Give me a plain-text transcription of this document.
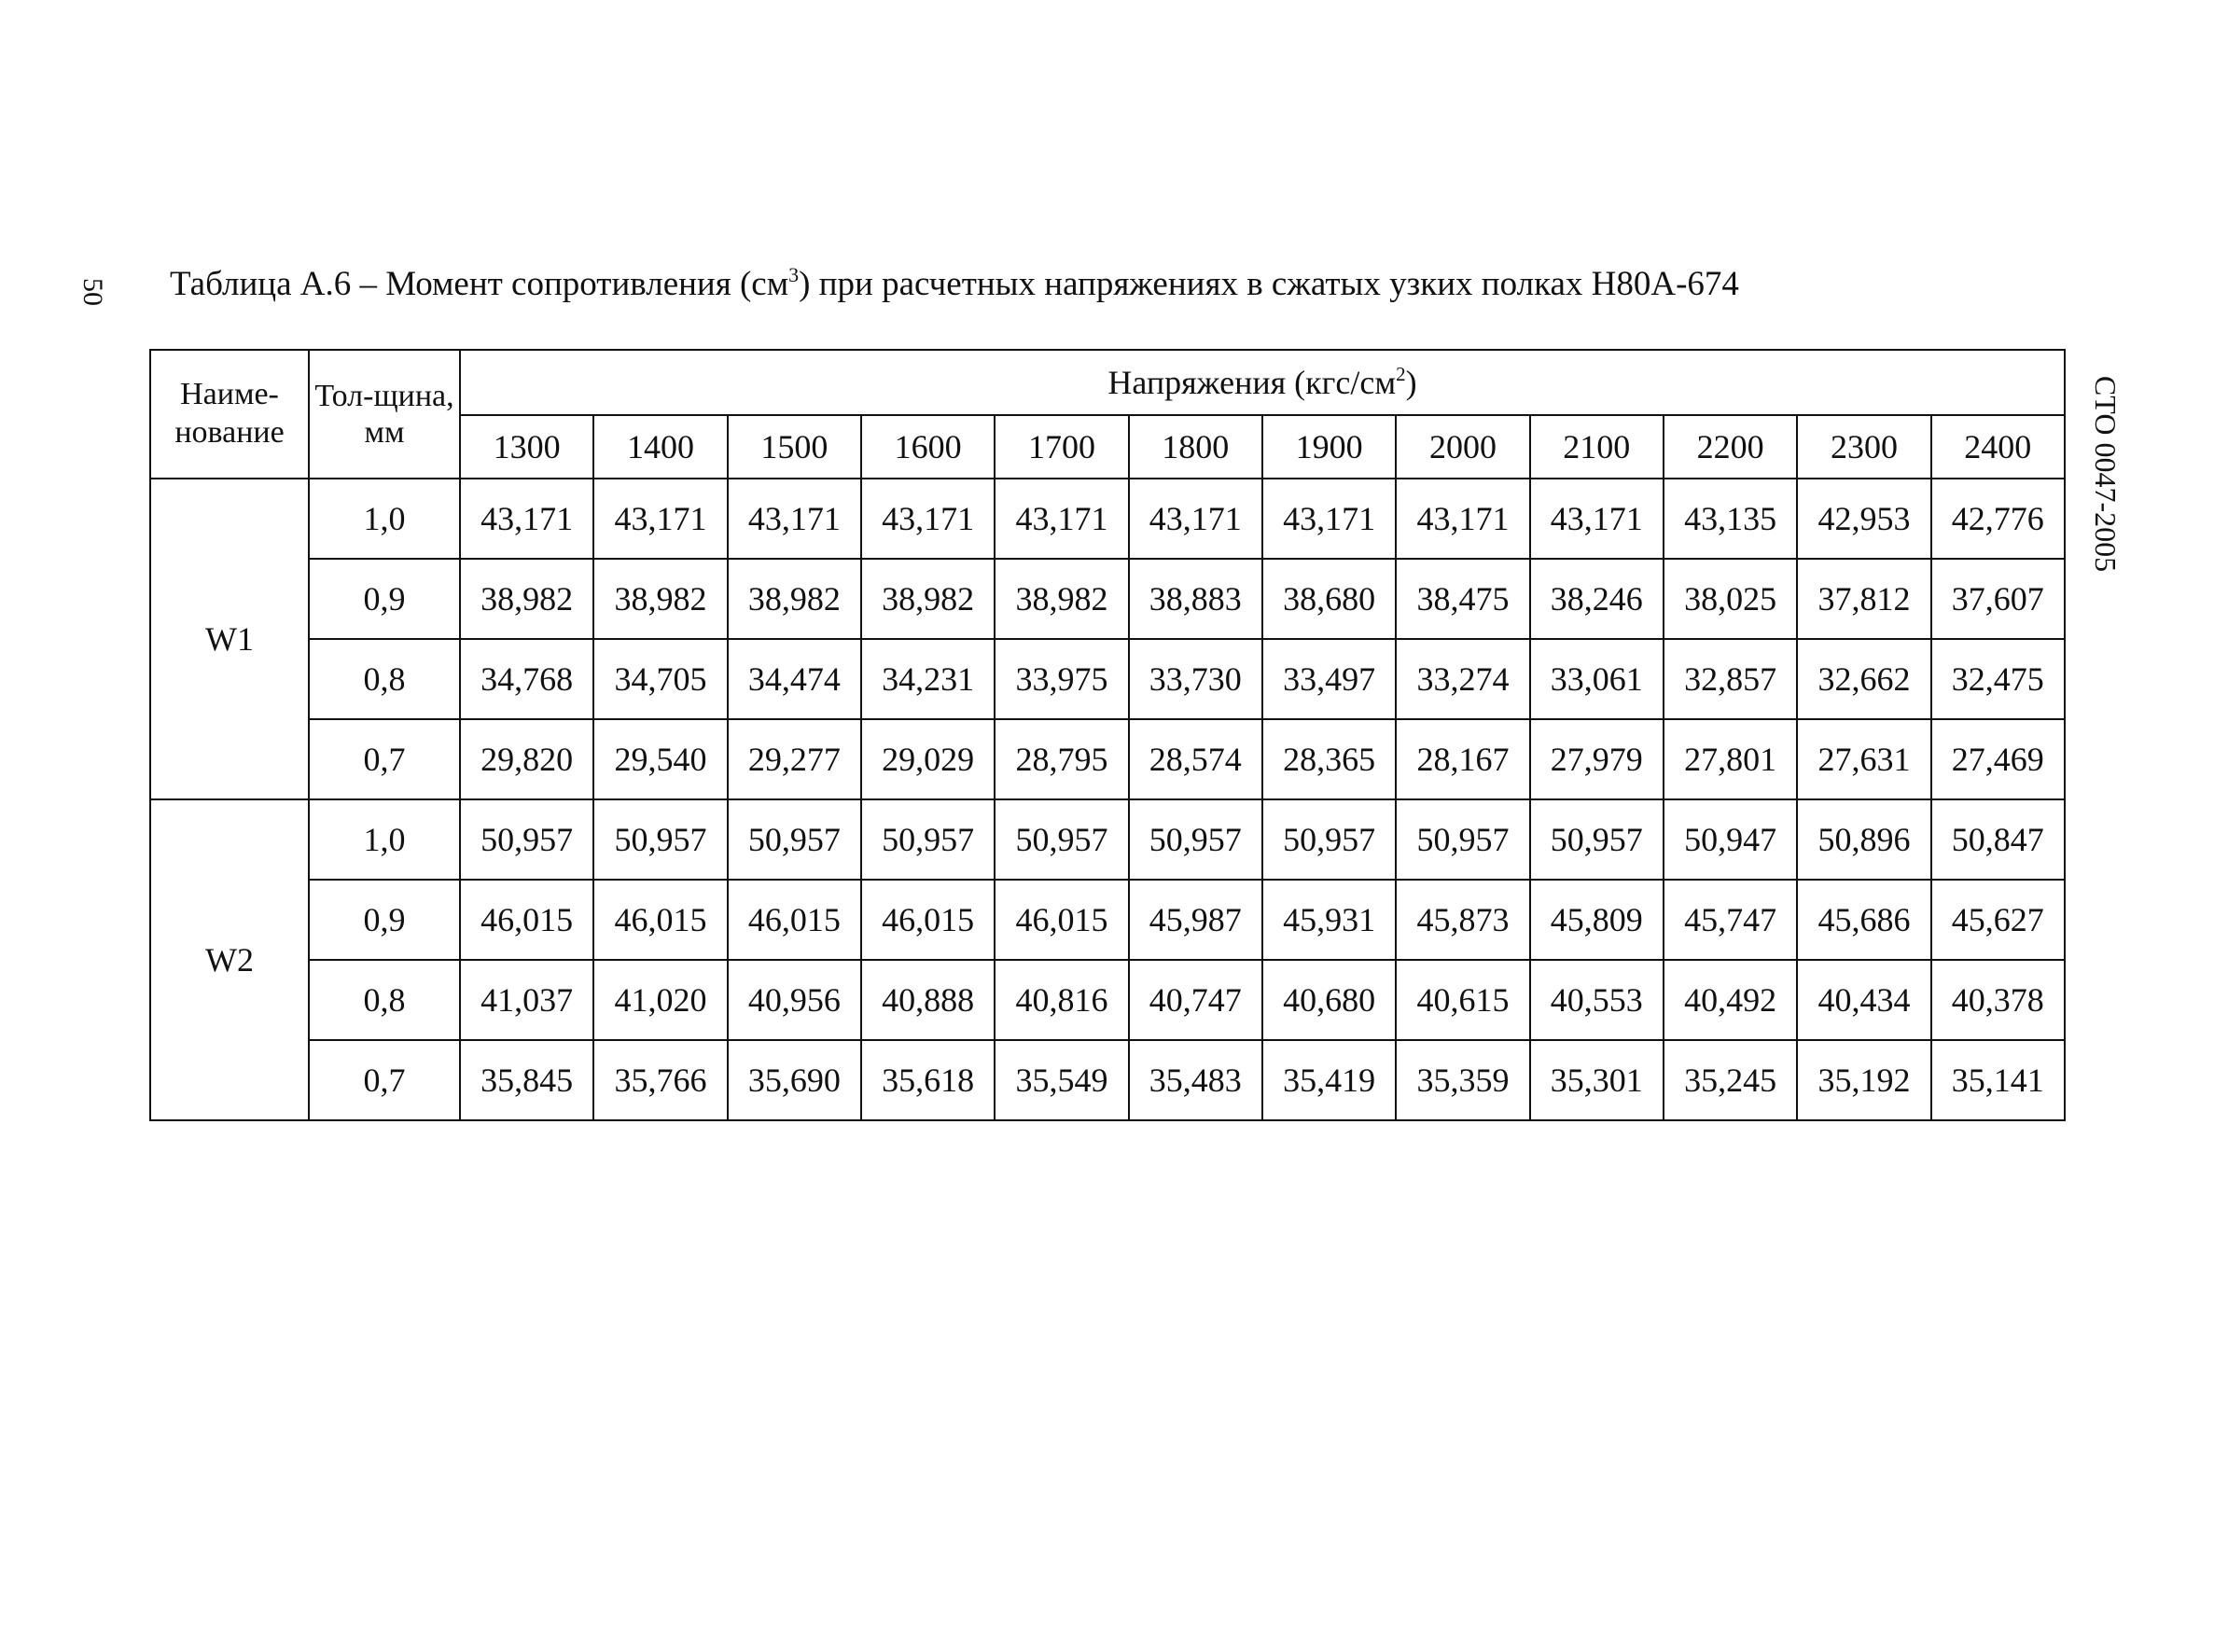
50
СТО 0047-2005
Таблица А.6 – Момент сопротивления $(см^3)$ при расчетных напряжениях в сжатых узких полках Н80А-674
Наиме-нование	Тол-щина, мм	Напряжения $(кгс/см^2)$											
		1300	1400	1500	1600	1700	1800	1900	2000	2100	2200	2300	2400
W1	1,0	43,171	43,171	43,171	43,171	43,171	43,171	43,171	43,171	43,171	43,135	42,953	42,776
	0,9	38,982	38,982	38,982	38,982	38,982	38,883	38,680	38,475	38,246	38,025	37,812	37,607
	0,8	34,768	34,705	34,474	34,231	33,975	33,730	33,497	33,274	33,061	32,857	32,662	32,475
	0,7	29,820	29,540	29,277	29,029	28,795	28,574	28,365	28,167	27,979	27,801	27,631	27,469
W2	1,0	50,957	50,957	50,957	50,957	50,957	50,957	50,957	50,957	50,957	50,947	50,896	50,847
	0,9	46,015	46,015	46,015	46,015	46,015	45,987	45,931	45,873	45,809	45,747	45,686	45,627
	0,8	41,037	41,020	40,956	40,888	40,816	40,747	40,680	40,615	40,553	40,492	40,434	40,378
	0,7	35,845	35,766	35,690	35,618	35,549	35,483	35,419	35,359	35,301	35,245	35,192	35,141
